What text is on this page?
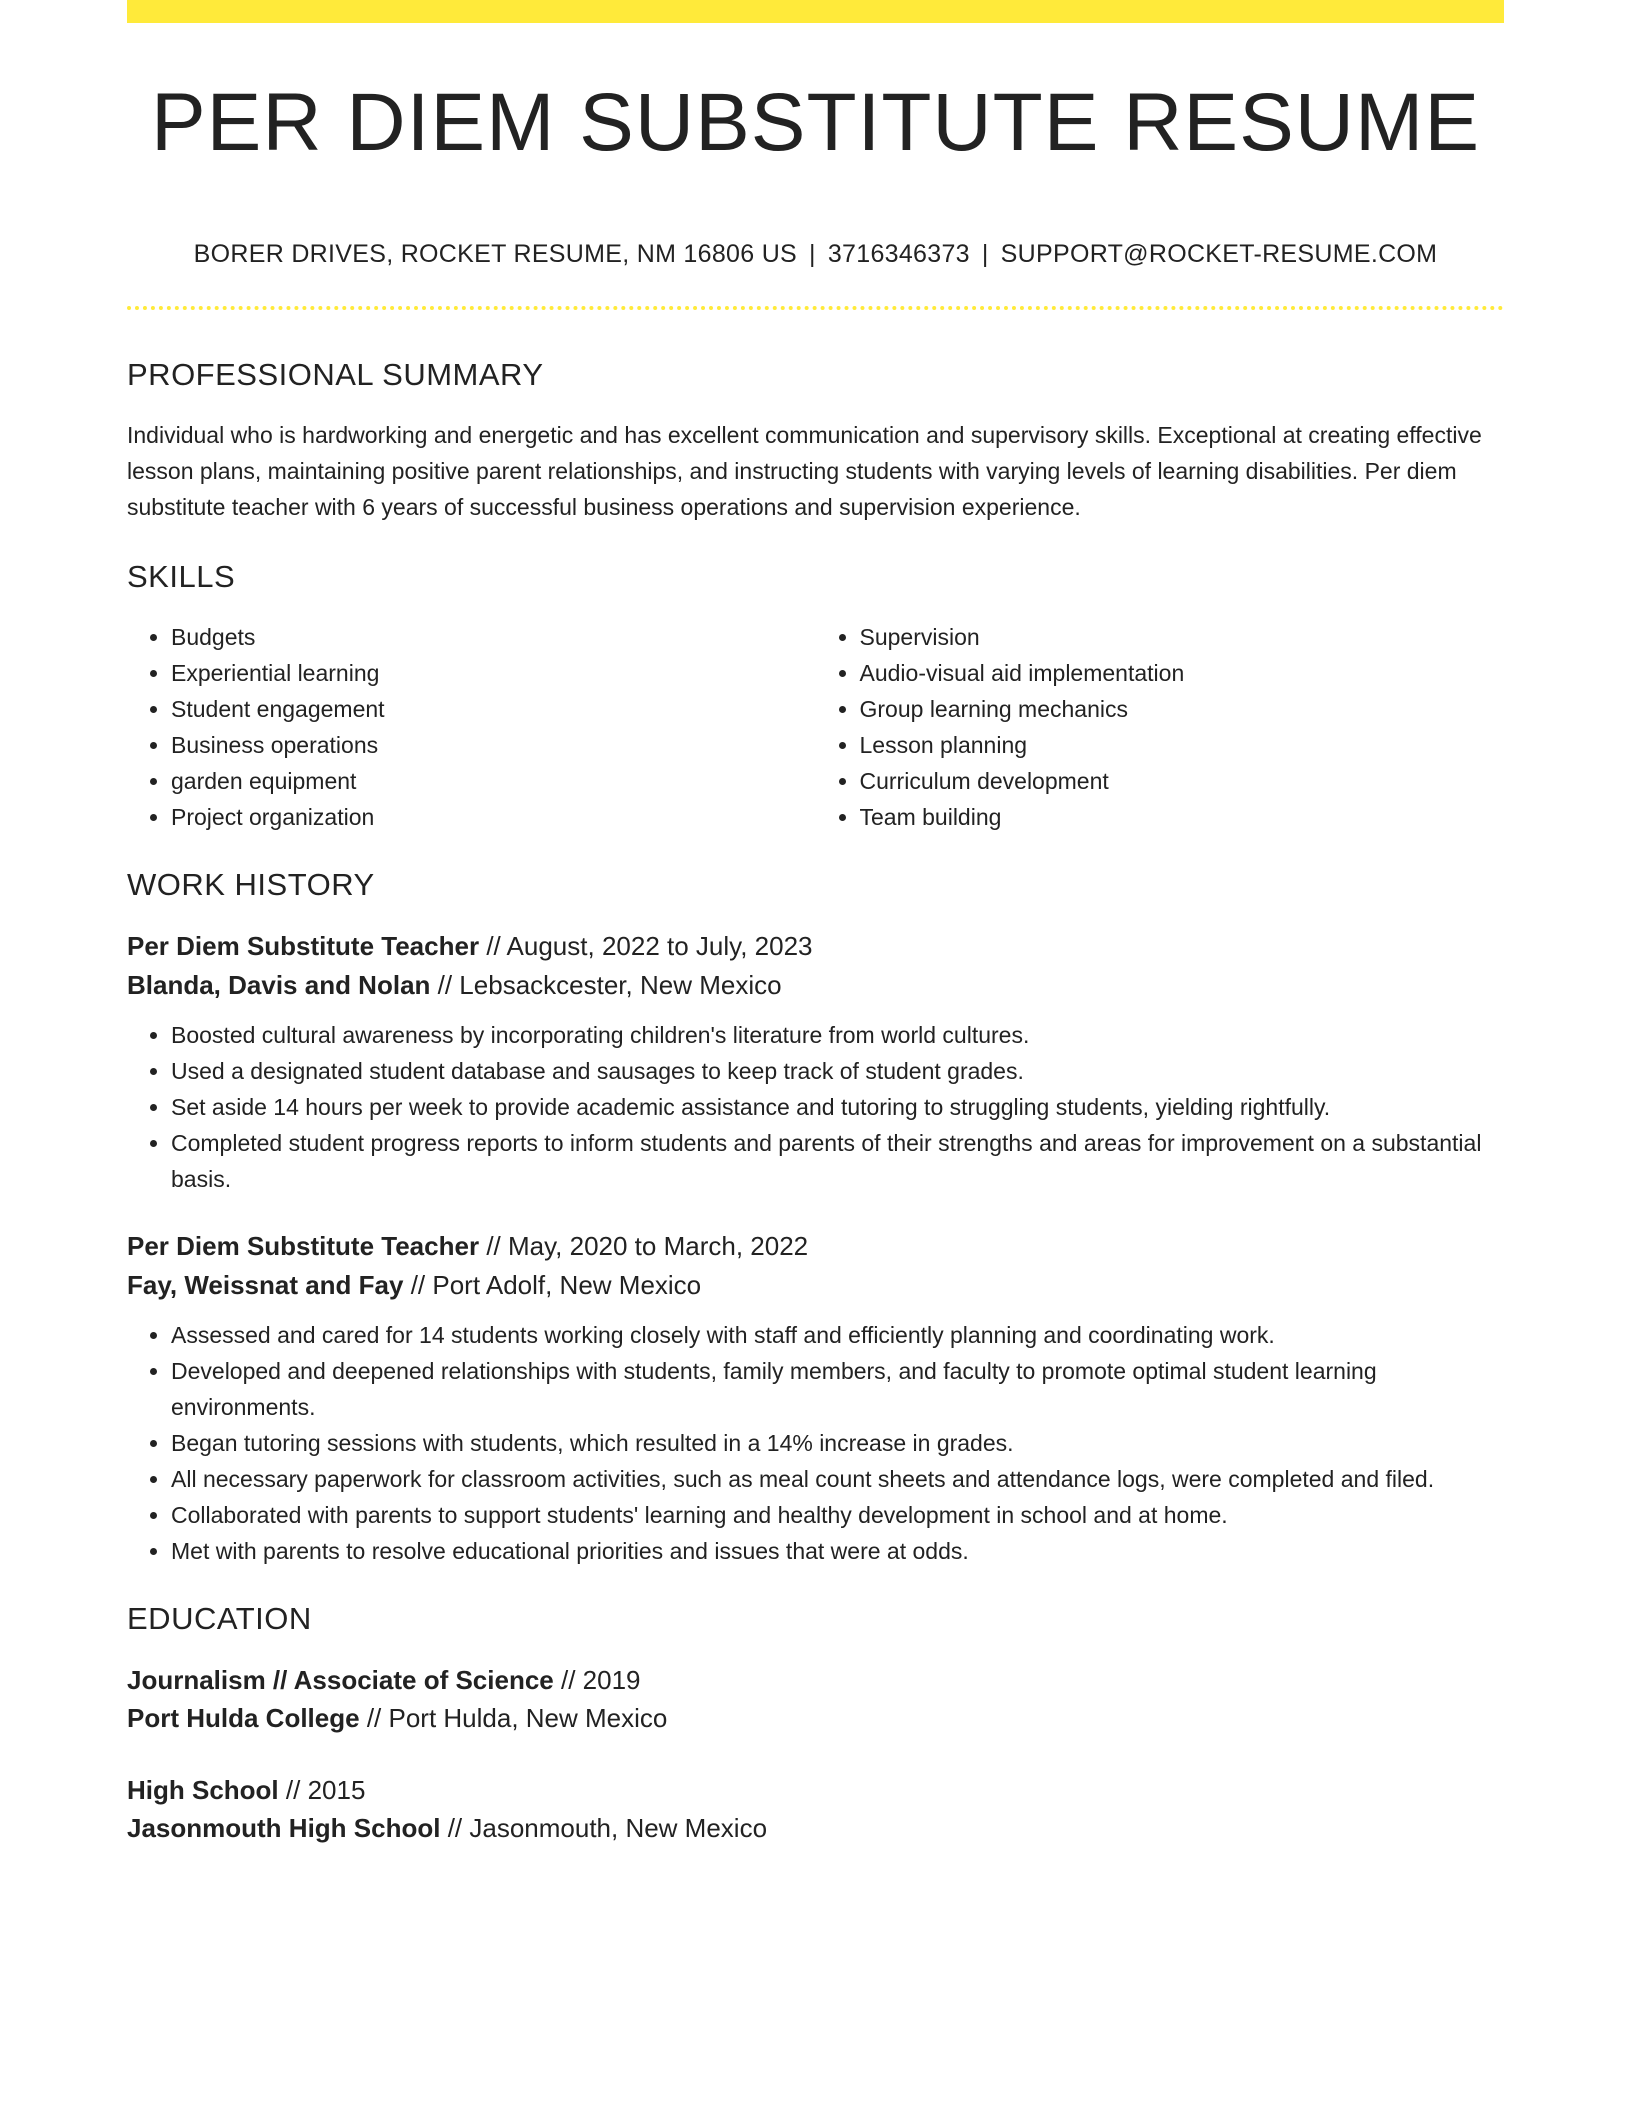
PER DIEM SUBSTITUTE RESUME
BORER DRIVES, ROCKET RESUME, NM 16806 US | 3716346373 | SUPPORT@ROCKET-RESUME.COM
PROFESSIONAL SUMMARY

Individual who is hardworking and energetic and has excellent communication and supervisory skills. Exceptional at creating effective lesson plans, maintaining positive parent relationships, and instructing students with varying levels of learning disabilities. Per diem substitute teacher with 6 years of successful business operations and supervision experience.

SKILLS
• Budgets
• Experiential learning
• Student engagement
• Business operations
• garden equipment
• Project organization
• Supervision
• Audio-visual aid implementation
• Group learning mechanics
• Lesson planning
• Curriculum development
• Team building
WORK HISTORY
Per Diem Substitute Teacher // August, 2022 to July, 2023
Blanda, Davis and Nolan // Lebsackcester, New Mexico
• Boosted cultural awareness by incorporating children's literature from world cultures.
• Used a designated student database and sausages to keep track of student grades.
• Set aside 14 hours per week to provide academic assistance and tutoring to struggling students, yielding rightfully.
• Completed student progress reports to inform students and parents of their strengths and areas for improvement on a substantial basis.
Per Diem Substitute Teacher // May, 2020 to March, 2022
Fay, Weissnat and Fay // Port Adolf, New Mexico
• Assessed and cared for 14 students working closely with staff and efficiently planning and coordinating work.
• Developed and deepened relationships with students, family members, and faculty to promote optimal student learning environments.
• Began tutoring sessions with students, which resulted in a 14% increase in grades.
• All necessary paperwork for classroom activities, such as meal count sheets and attendance logs, were completed and filed.
• Collaborated with parents to support students' learning and healthy development in school and at home.
• Met with parents to resolve educational priorities and issues that were at odds.
EDUCATION
Journalism // Associate of Science // 2019
Port Hulda College // Port Hulda, New Mexico
High School // 2015
Jasonmouth High School // Jasonmouth, New Mexico
